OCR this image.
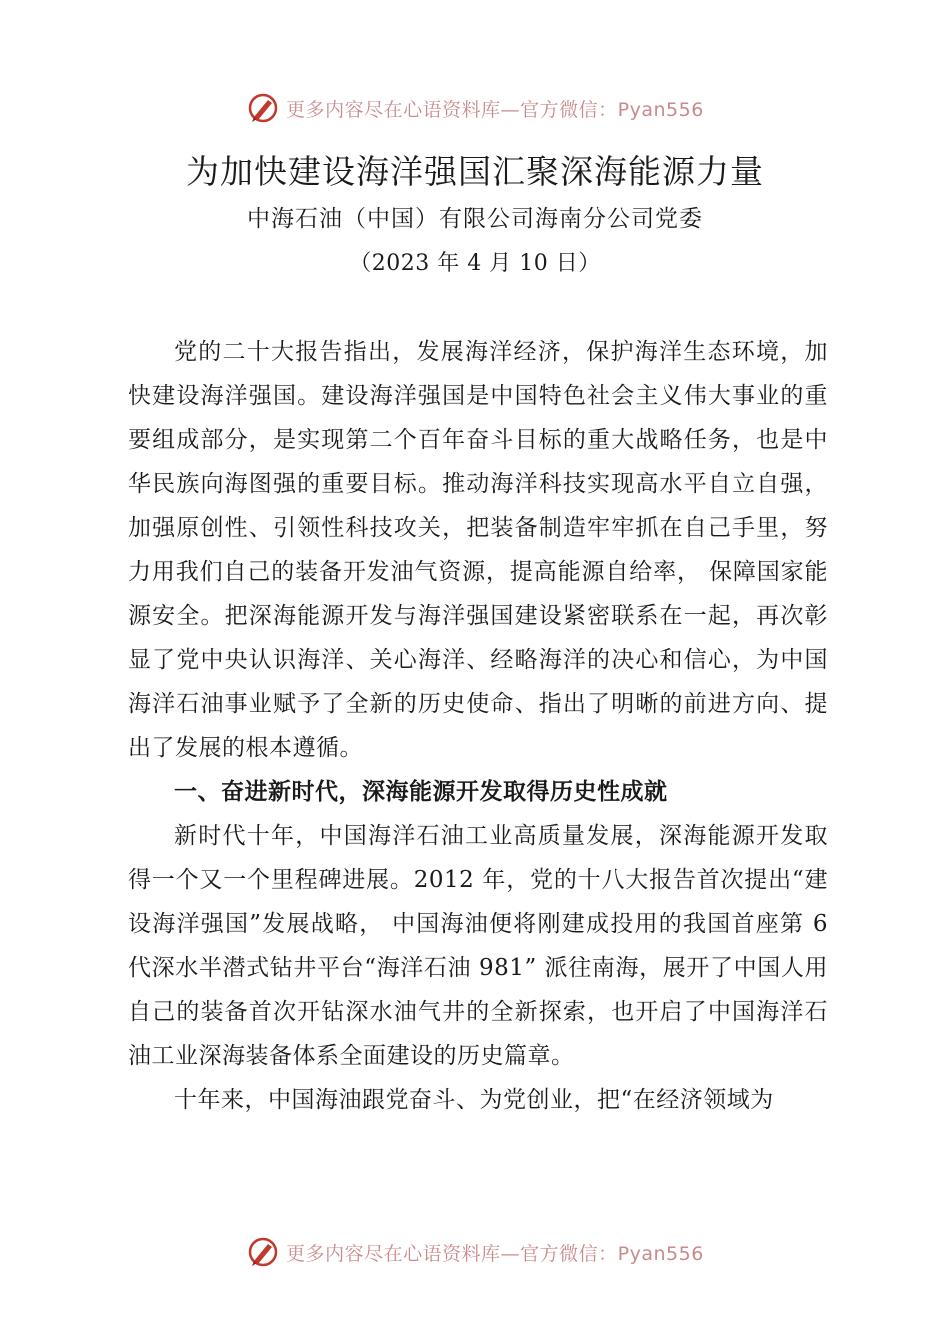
更多内容尽在心语资料库—官方微信：Pyan556
为加快建设海洋强国汇聚深海能源力量
中海石油（中国）有限公司海南分公司党委
（2023 年 4 月 10 日）

党的二十大报告指出，发展海洋经济，保护海洋生态环境，加快建设海洋强国。建设海洋强国是中国特色社会主义伟大事业的重要组成部分，是实现第二个百年奋斗目标的重大战略任务，也是中华民族向海图强的重要目标。推动海洋科技实现高水平自立自强，加强原创性、引领性科技攻关，把装备制造牢牢抓在自己手里，努力用我们自己的装备开发油气资源，提高能源自给率， 保障国家能源安全。把深海能源开发与海洋强国建设紧密联系在一起，再次彰显了党中央认识海洋、关心海洋、经略海洋的决心和信心，为中国海洋石油事业赋予了全新的历史使命、指出了明晰的前进方向、提出了发展的根本遵循。

一、奋进新时代，深海能源开发取得历史性成就

新时代十年，中国海洋石油工业高质量发展，深海能源开发取得一个又一个里程碑进展。2012 年，党的十八大报告首次提出“建设海洋强国”发展战略， 中国海油便将刚建成投用的我国首座第 6 代深水半潜式钻井平台“海洋石油 981” 派往南海，展开了中国人用自己的装备首次开钻深水油气井的全新探索，也开启了中国海洋石油工业深海装备体系全面建设的历史篇章。

十年来，中国海油跟党奋斗、为党创业，把“在经济领域为

更多内容尽在心语资料库—官方微信：Pyan556
